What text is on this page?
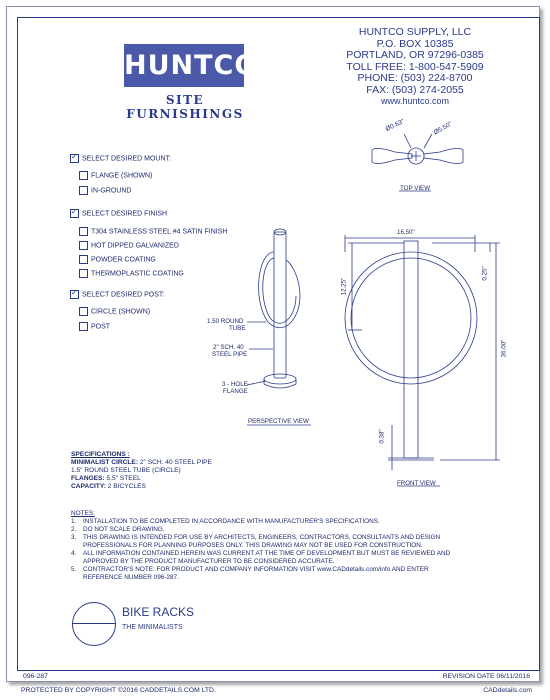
HUNTCO
SITE FURNISHINGS
HUNTCO SUPPLY, LLC
P.O. BOX 10385
PORTLAND, OR 97296-0385
TOLL FREE: 1-800-547-5909
PHONE: (503) 224-8700
FAX: (503) 274-2055
www.huntco.com
✓SELECT DESIRED MOUNT:
FLANGE (SHOWN)
IN-GROUND
✓SELECT DESIRED FINISH
T304 STAINLESS STEEL #4 SATIN FINISH
HOT DIPPED GALVANIZED
POWDER COATING
THERMOPLASTIC COATING
✓SELECT DESIRED POST:
CIRCLE (SHOWN)
POST
Ø0.63"	Ø5.50"
TOP VIEW
1.50 ROUND
TUBE
2" SCH. 40
STEEL PIPE
3 - HOLE
FLANGE
PERSPECTIVE VIEW
16.50"
12.25"
0.25"
36.00"
0.38"
FRONT VIEW
SPECIFICATIONS :
MINIMALIST CIRCLE: 2" SCH. 40 STEEL PIPE
1.5" ROUND STEEL TUBE (CIRCLE)
FLANGES: 5.5" STEEL
CAPACITY: 2 BICYCLES
NOTES:
1. INSTALLATION TO BE COMPLETED IN ACCORDANCE WITH MANUFACTURER'S SPECIFICATIONS.
2. DO NOT SCALE DRAWING.
3. THIS DRAWING IS INTENDED FOR USE BY ARCHITECTS, ENGINEERS, CONTRACTORS, CONSULTANTS AND DESIGN
PROFESSIONALS FOR PLANNING PURPOSES ONLY. THIS DRAWING MAY NOT BE USED FOR CONSTRUCTION.
4. ALL INFORMATION CONTAINED HEREIN WAS CURRENT AT THE TIME OF DEVELOPMENT BUT MUST BE REVIEWED AND
APPROVED BY THE PRODUCT MANUFACTURER TO BE CONSIDERED ACCURATE.
5. CONTRACTOR'S NOTE: FOR PRODUCT AND COMPANY INFORMATION VISIT www.CADdetails.com/info AND ENTER
REFERENCE NUMBER 096-287.
BIKE RACKS
THE MINIMALISTS
096-287	REVISION DATE 06/11/2016
PROTECTED BY COPYRIGHT ©2016 CADDETAILS.COM LTD.	CADdetails.com
